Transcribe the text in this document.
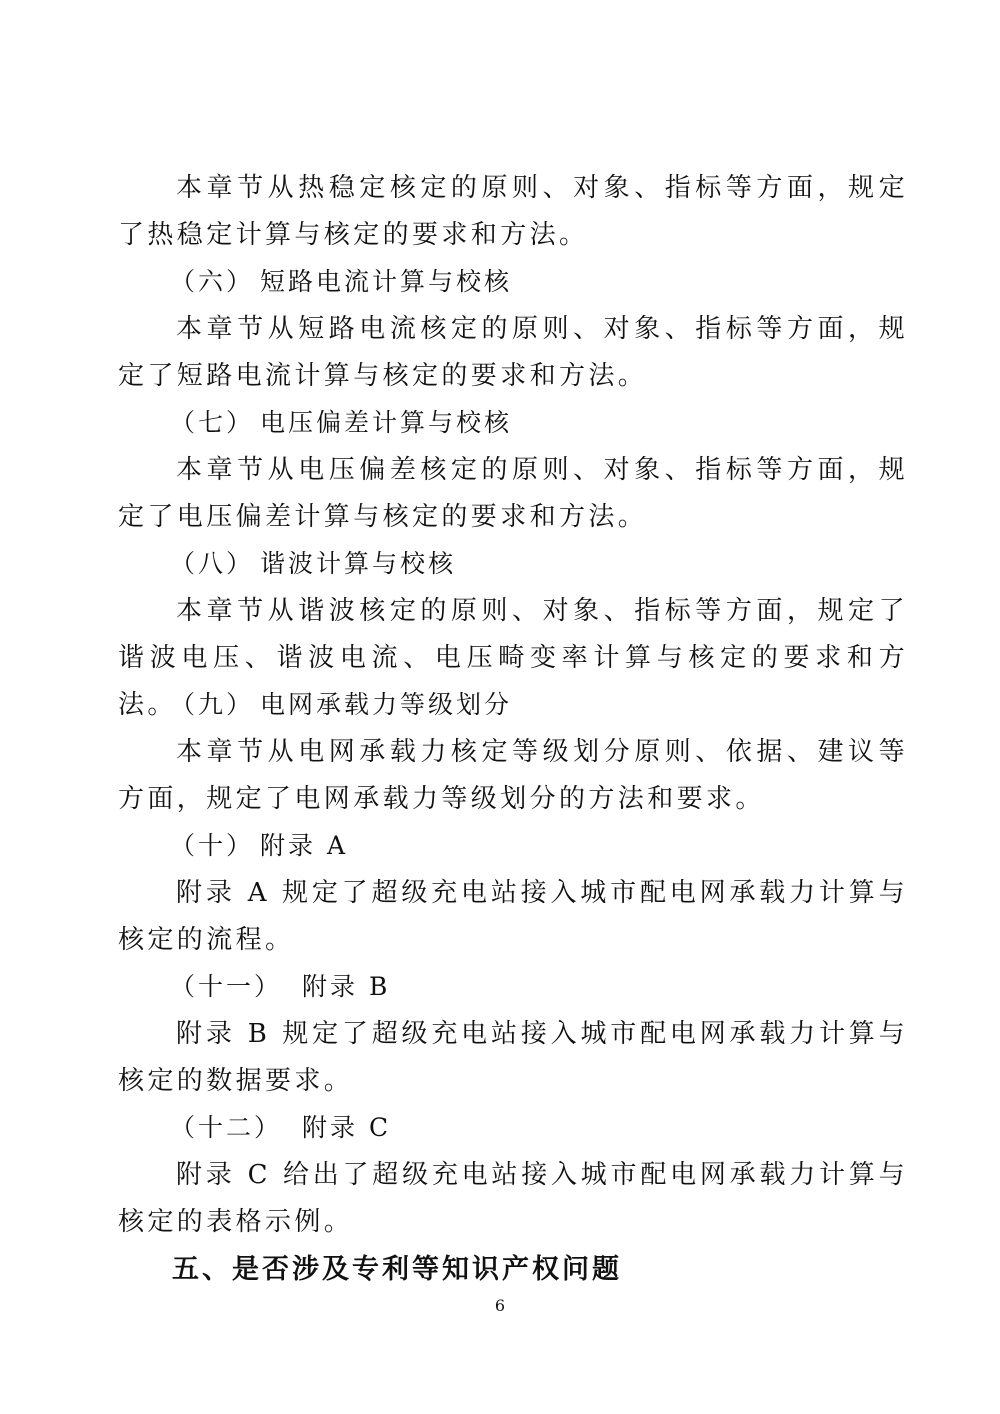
本章节从热稳定核定的原则、对象、指标等方面，规定了热稳定计算与核定的要求和方法。

（六） 短路电流计算与校核

本章节从短路电流核定的原则、对象、指标等方面，规定了短路电流计算与核定的要求和方法。

（七） 电压偏差计算与校核

本章节从电压偏差核定的原则、对象、指标等方面，规定了电压偏差计算与核定的要求和方法。

（八） 谐波计算与校核

本章节从谐波核定的原则、对象、指标等方面，规定了谐波电压、谐波电流、电压畸变率计算与核定的要求和方法。

（九） 电网承载力等级划分

本章节从电网承载力核定等级划分原则、依据、建议等方面，规定了电网承载力等级划分的方法和要求。

（十） 附录 A

附录 A 规定了超级充电站接入城市配电网承载力计算与核定的流程。

（十一） 附录 B

附录 B 规定了超级充电站接入城市配电网承载力计算与核定的数据要求。

（十二） 附录 C

附录 C 给出了超级充电站接入城市配电网承载力计算与核定的表格示例。

五、是否涉及专利等知识产权问题

6
